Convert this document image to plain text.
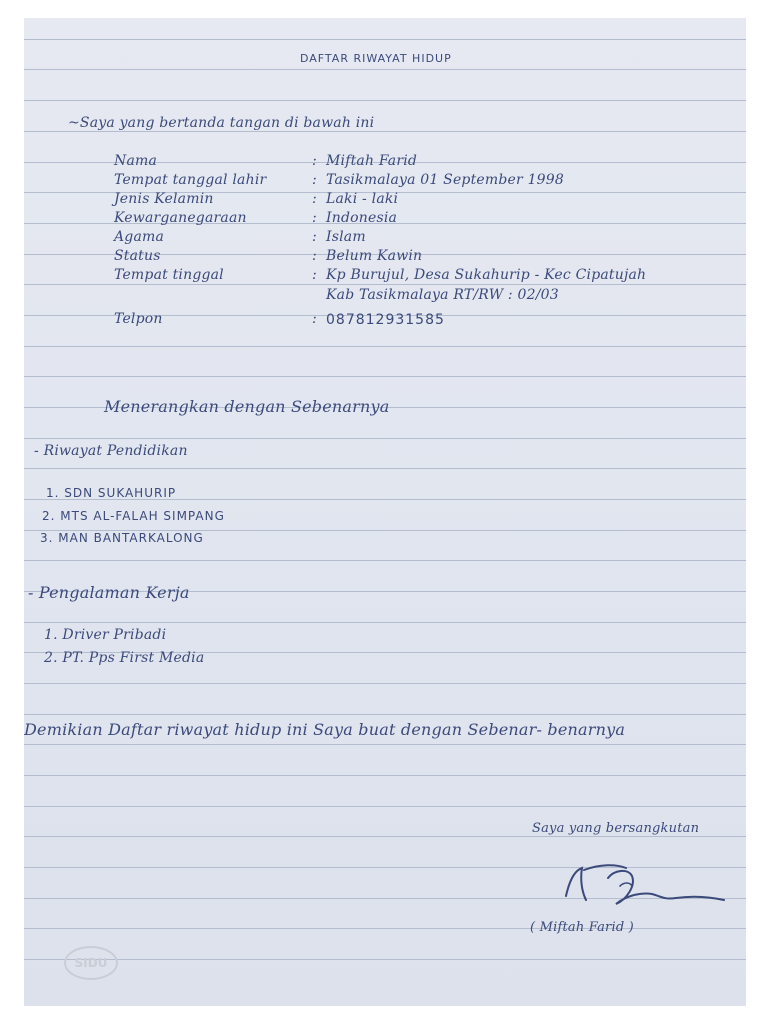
DAFTAR RIWAYAT HIDUP
~Saya yang bertanda tangan di bawah ini
Nama	: Miftah Farid
Tempat tanggal lahir	: Tasikmalaya 01 September 1998
Jenis Kelamin	: Laki - laki
Kewarganegaraan	: Indonesia
Agama	: Islam
Status	: Belum Kawin
Tempat tinggal	: Kp Burujul, Desa Sukahurip - Kec Cipatujah
Kab Tasikmalaya RT/RW : 02/03
Telpon	: 087812931585
Menerangkan dengan Sebenarnya
- Riwayat Pendidikan
1. SDN SUKAHURIP
2. MTS AL-FALAH SIMPANG
3. MAN BANTARKALONG
- Pengalaman Kerja
1. Driver Pribadi
2. PT. Pps First Media
Demikian Daftar riwayat hidup ini Saya buat dengan Sebenar- benarnya
Saya yang bersangkutan
( Miftah Farid )
SIDU
